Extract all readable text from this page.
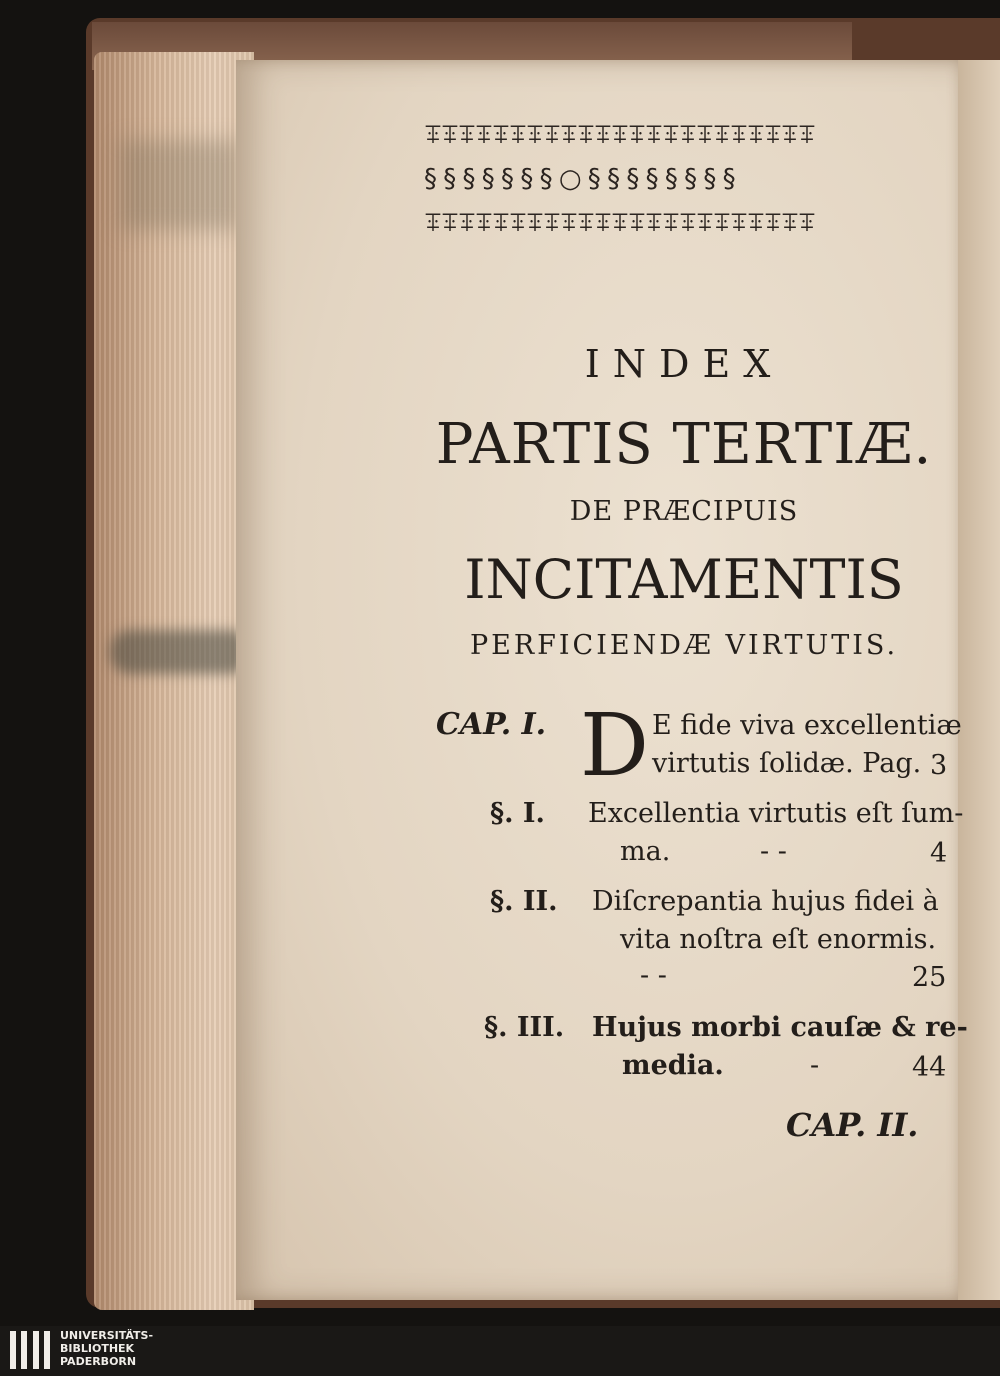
ꔊꔊꔊꔊꔊꔊꔊꔊꔊꔊꔊꔊꔊꔊꔊꔊꔊꔊꔊꔊꔊꔊꔊ
§ § § § § § § ○ § § § § § § § §
ꔊꔊꔊꔊꔊꔊꔊꔊꔊꔊꔊꔊꔊꔊꔊꔊꔊꔊꔊꔊꔊꔊꔊ
INDEX
PARTIS TERTIÆ.
DE PRÆCIPUIS
INCITAMENTIS
PERFICIENDÆ VIRTUTIS.
CAP. I. D E fide viva excellentiæ
virtutis ſolidæ. Pag. 3
§. I. Excellentia virtutis eſt ſum-
ma.	- -	4
§. II. Diſcrepantia hujus fidei à
vita noſtra eſt enormis.
- -	25
§. III. Hujus morbi cauſæ & re-
media.	-	44
CAP. II.
UNIVERSITÄTS-
BIBLIOTHEK
PADERBORN
